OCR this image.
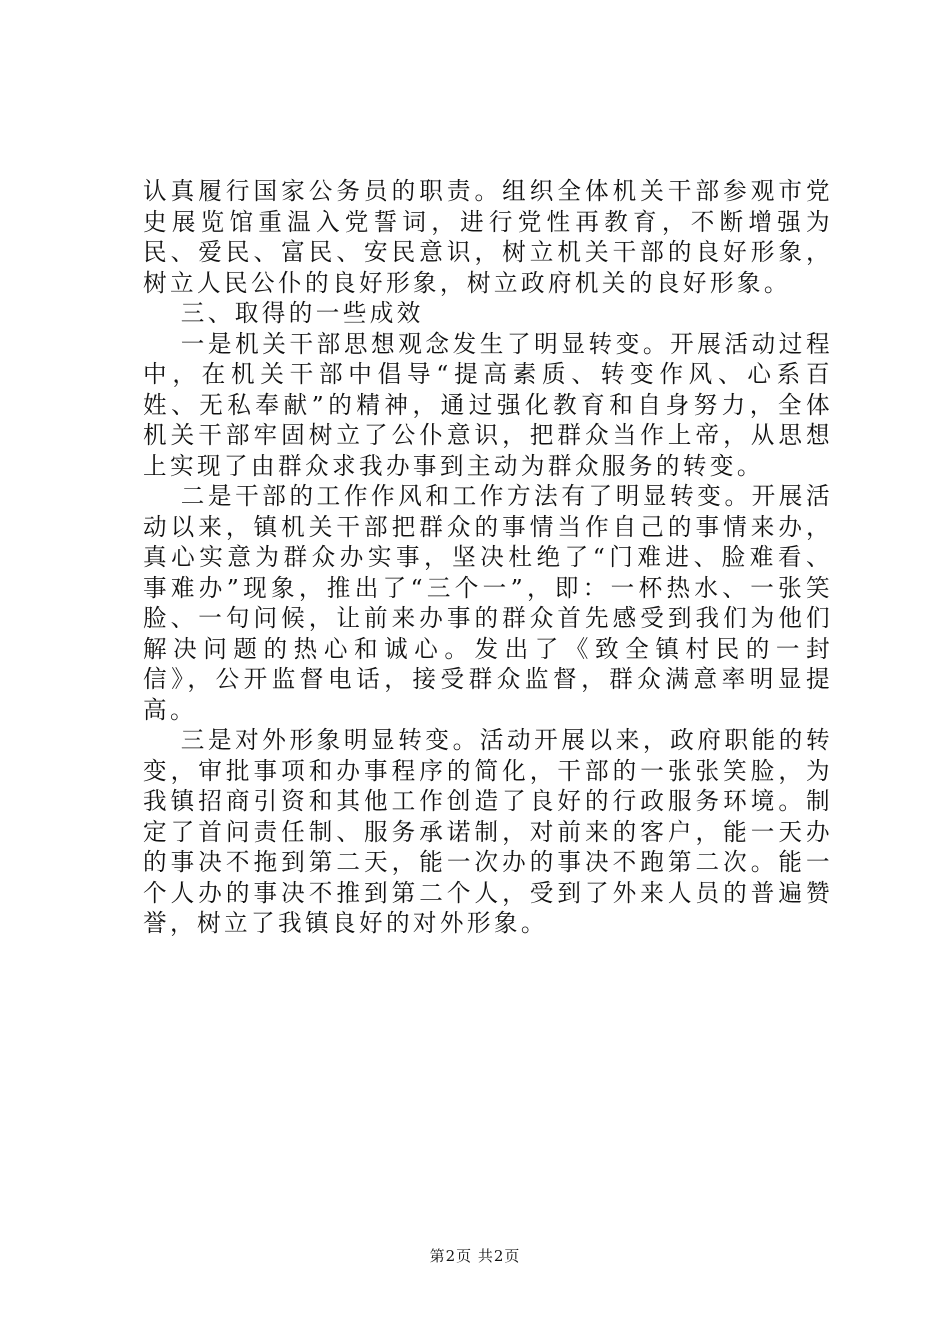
认真履行国家公务员的职责。组织全体机关干部参观市党史展览馆重温入党誓词，进行党性再教育，不断增强为民、爱民、富民、安民意识，树立机关干部的良好形象，树立人民公仆的良好形象，树立政府机关的良好形象。

三、取得的一些成效

一是机关干部思想观念发生了明显转变。开展活动过程中，在机关干部中倡导“提高素质、转变作风、心系百姓、无私奉献”的精神，通过强化教育和自身努力，全体机关干部牢固树立了公仆意识，把群众当作上帝，从思想上实现了由群众求我办事到主动为群众服务的转变。

二是干部的工作作风和工作方法有了明显转变。开展活动以来，镇机关干部把群众的事情当作自己的事情来办，真心实意为群众办实事，坚决杜绝了“门难进、脸难看、事难办”现象，推出了“三个一”，即：一杯热水、一张笑脸、一句问候，让前来办事的群众首先感受到我们为他们解决问题的热心和诚心。发出了《致全镇村民的一封信》，公开监督电话，接受群众监督，群众满意率明显提高。

三是对外形象明显转变。活动开展以来，政府职能的转变，审批事项和办事程序的简化，干部的一张张笑脸，为我镇招商引资和其他工作创造了良好的行政服务环境。制定了首问责任制、服务承诺制，对前来的客户，能一天办的事决不拖到第二天，能一次办的事决不跑第二次。能一个人办的事决不推到第二个人，受到了外来人员的普遍赞誉，树立了我镇良好的对外形象。

第2页 共2页
